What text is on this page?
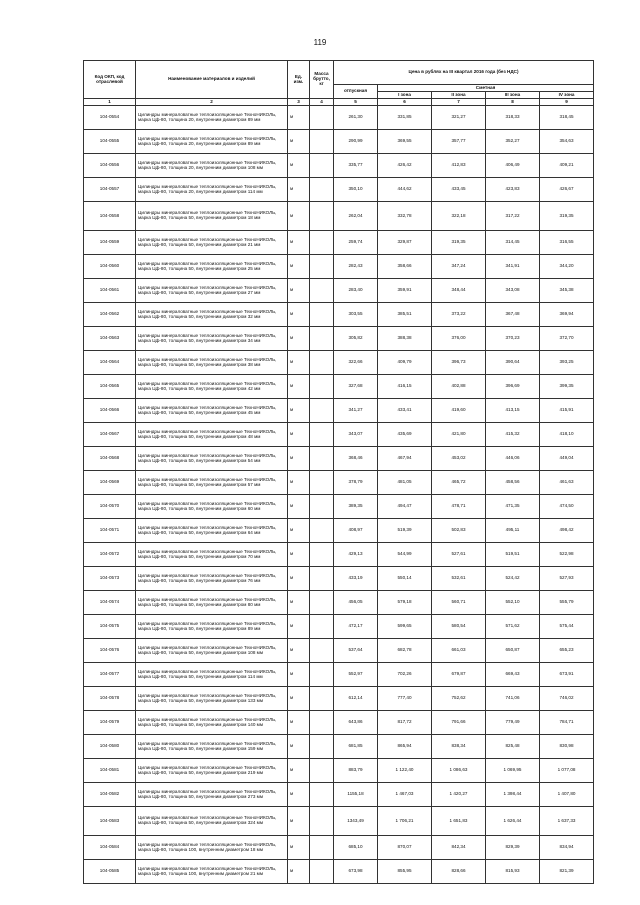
119
Код ОКП, код отраслевой	Наименование материалов и изделий	Ед. изм.	Масса брутто, кг	Цена в рублях на III квартал 2016 года (без НДС)				
				отпускная	Сметная			
					I зона	II зона	III зона	IV зона
1	2	3	4	5	6	7	8	9
104-0554	Цилиндры минераловатные теплоизоляционные ТехноНИКОЛЬ, марка Цф-80, толщина 20, внутренним диаметром 89 мм	м		261,30	331,85	321,27	318,33	318,45
104-0555	Цилиндры минераловатные теплоизоляционные ТехноНИКОЛЬ, марка Цф-80, толщина 20, внутренним диаметром 89 мм	м		290,99	369,55	357,77	352,27	354,63
104-0556	Цилиндры минераловатные теплоизоляционные ТехноНИКОЛЬ, марка Цф-80, толщина 20, внутренним диаметром 108 мм	м		335,77	426,42	412,83	406,49	409,21
104-0557	Цилиндры минераловатные теплоизоляционные ТехноНИКОЛЬ, марка Цф-80, толщина 20, внутренним диаметром 114 мм	м		350,10	444,62	433,45	423,83	426,67
104-0558	Цилиндры минераловатные теплоизоляционные ТехноНИКОЛЬ, марка Цф-80, толщина 50, внутренним диаметром 18 мм	м		262,04	332,78	322,18	317,22	319,35
104-0559	Цилиндры минераловатные теплоизоляционные ТехноНИКОЛЬ, марка Цф-80, толщина 50, внутренним диаметром 21 мм	м		259,74	329,87	319,35	314,45	316,55
104-0560	Цилиндры минераловатные теплоизоляционные ТехноНИКОЛЬ, марка Цф-80, толщина 50, внутренним диаметром 25 мм	м		282,43	358,66	347,24	341,91	344,20
104-0561	Цилиндры минераловатные теплоизоляционные ТехноНИКОЛЬ, марка Цф-80, толщина 50, внутренним диаметром 27 мм	м		283,40	359,91	348,44	343,08	345,38
104-0562	Цилиндры минераловатные теплоизоляционные ТехноНИКОЛЬ, марка Цф-80, толщина 50, внутренним диаметром 32 мм	м		303,55	385,51	373,22	367,48	369,94
104-0563	Цилиндры минераловатные теплоизоляционные ТехноНИКОЛЬ, марка Цф-80, толщина 50, внутренним диаметром 34 мм	м		305,82	388,38	376,00	370,23	372,70
104-0564	Цилиндры минераловатные теплоизоляционные ТехноНИКОЛЬ, марка Цф-80, толщина 50, внутренним диаметром 38 мм	м		322,66	409,79	396,73	390,64	393,25
104-0565	Цилиндры минераловатные теплоизоляционные ТехноНИКОЛЬ, марка Цф-80, толщина 50, внутренним диаметром 42 мм	м		327,68	416,15	402,88	396,69	399,35
104-0566	Цилиндры минераловатные теплоизоляционные ТехноНИКОЛЬ, марка Цф-80, толщина 50, внутренним диаметром 45 мм	м		341,27	433,41	419,60	413,15	415,91
104-0567	Цилиндры минераловатные теплоизоляционные ТехноНИКОЛЬ, марка Цф-80, толщина 50, внутренним диаметром 48 мм	м		343,07	435,69	421,80	415,32	418,10
104-0568	Цилиндры минераловатные теплоизоляционные ТехноНИКОЛЬ, марка Цф-80, толщина 50, внутренним диаметром 54 мм	м		368,46	467,94	453,02	446,06	449,04
104-0569	Цилиндры минераловатные теплоизоляционные ТехноНИКОЛЬ, марка Цф-80, толщина 50, внутренним диаметром 57 мм	м		378,79	481,05	465,72	458,56	461,63
104-0570	Цилиндры минераловатные теплоизоляционные ТехноНИКОЛЬ, марка Цф-80, толщина 50, внутренним диаметром 60 мм	м		389,35	494,47	478,71	471,35	474,50
104-0571	Цилиндры минераловатные теплоизоляционные ТехноНИКОЛЬ, марка Цф-80, толщина 50, внутренним диаметром 64 мм	м		408,97	519,39	502,83	495,11	498,42
104-0572	Цилиндры минераловатные теплоизоляционные ТехноНИКОЛЬ, марка Цф-80, толщина 50, внутренним диаметром 70 мм	м		429,13	544,99	527,61	519,51	522,98
104-0573	Цилиндры минераловатные теплоизоляционные ТехноНИКОЛЬ, марка Цф-80, толщина 50, внутренним диаметром 76 мм	м		433,19	550,14	532,61	524,42	527,93
104-0574	Цилиндры минераловатные теплоизоляционные ТехноНИКОЛЬ, марка Цф-80, толщина 50, внутренним диаметром 80 мм	м		456,05	579,18	560,71	552,10	555,79
104-0575	Цилиндры минераловатные теплоизоляционные ТехноНИКОЛЬ, марка Цф-80, толщина 50, внутренним диаметром 89 мм	м		472,17	599,65	580,54	571,62	575,44
104-0576	Цилиндры минераловатные теплоизоляционные ТехноНИКОЛЬ, марка Цф-80, толщина 50, внутренним диаметром 108 мм	м		537,64	682,78	661,03	650,87	655,23
104-0577	Цилиндры минераловатные теплоизоляционные ТехноНИКОЛЬ, марка Цф-80, толщина 50, внутренним диаметром 114 мм	м		552,97	702,26	679,87	669,43	673,91
104-0578	Цилиндры минераловатные теплоизоляционные ТехноНИКОЛЬ, марка Цф-80, толщина 50, внутренним диаметром 133 мм	м		612,14	777,40	752,62	741,06	746,02
104-0579	Цилиндры минераловатные теплоизоляционные ТехноНИКОЛЬ, марка Цф-80, толщина 50, внутренним диаметром 140 мм	м		643,86	817,72	791,66	779,49	784,71
104-0580	Цилиндры минераловатные теплоизоляционные ТехноНИКОЛЬ, марка Цф-80, толщина 50, внутренним диаметром 159 мм	м		681,85	865,94	838,34	825,48	830,98
104-0581	Цилиндры минераловатные теплоизоляционные ТехноНИКОЛЬ, марка Цф-80, толщина 50, внутренним диаметром 219 мм	м		883,79	1 122,40	1 086,63	1 069,95	1 077,08
104-0582	Цилиндры минераловатные теплоизоляционные ТехноНИКОЛЬ, марка Цф-80, толщина 50, внутренним диаметром 273 мм	м		1155,18	1 467,03	1 420,27	1 398,44	1 407,80
104-0583	Цилиндры минераловатные теплоизоляционные ТехноНИКОЛЬ, марка Цф-80, толщина 50, внутренним диаметром 324 мм	м		1343,49	1 706,21	1 651,83	1 626,44	1 637,33
104-0584	Цилиндры минераловатные теплоизоляционные ТехноНИКОЛЬ, марка Цф-80, толщина 100, внутренним диаметром 18 мм	м		685,10	870,07	842,34	829,39	834,94
104-0585	Цилиндры минераловатные теплоизоляционные ТехноНИКОЛЬ, марка Цф-80, толщина 100, внутренним диаметром 21 мм	м		673,98	855,95	828,66	815,93	821,39
